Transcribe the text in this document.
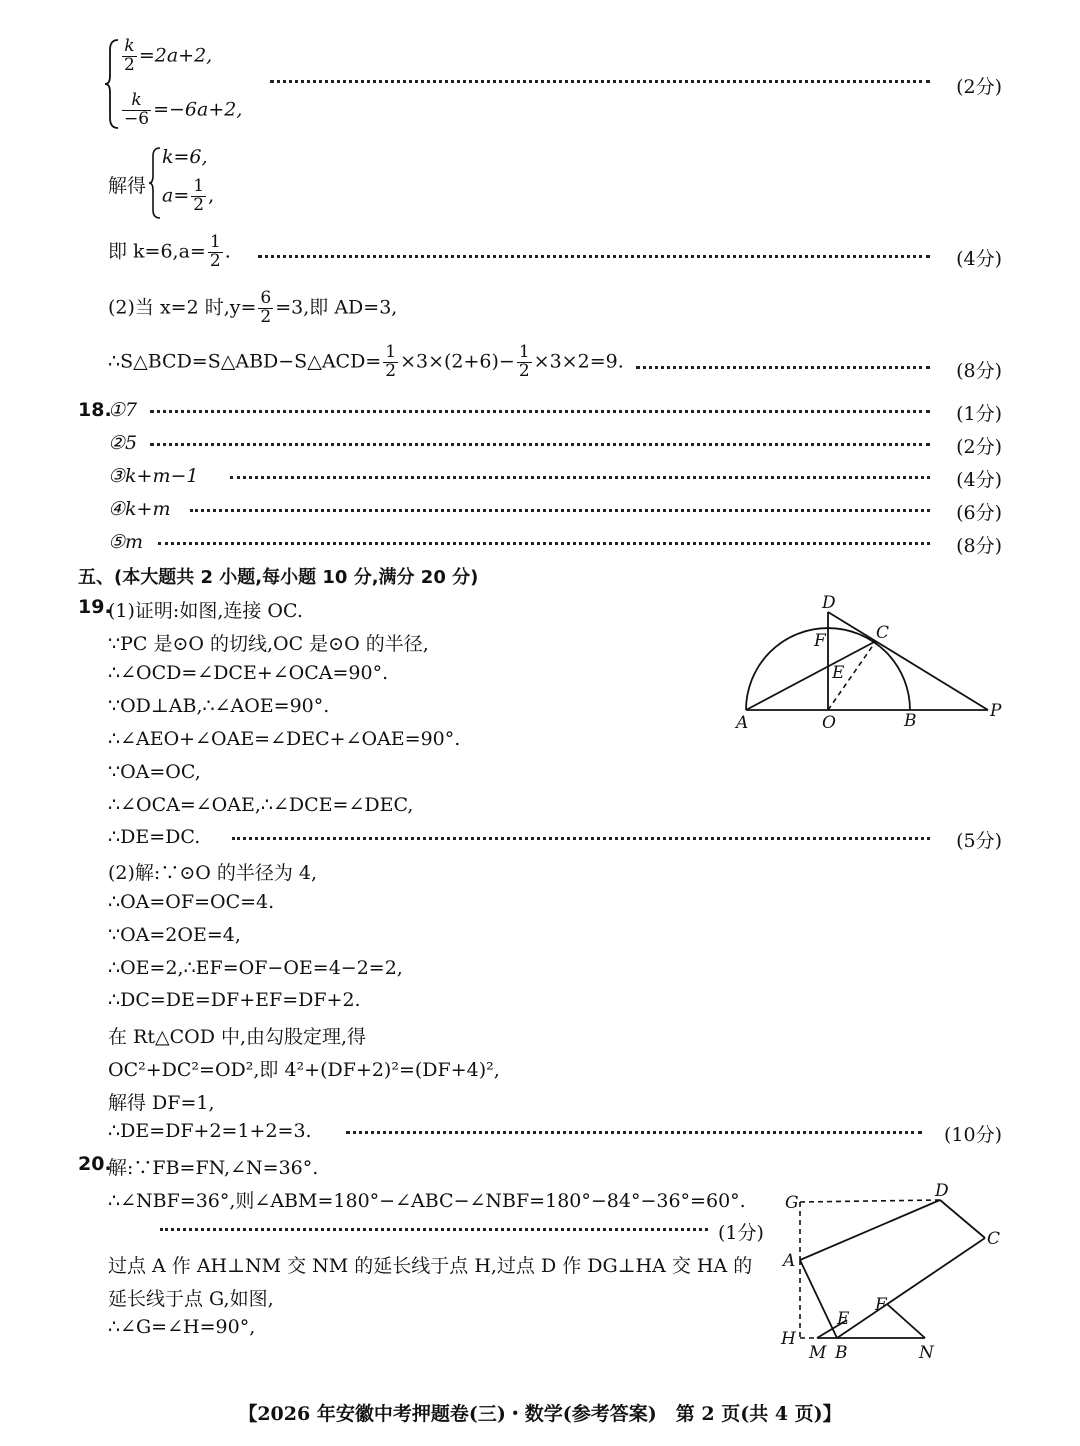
$\frac{k}{2} =2a+2$,
(2分)
$\frac{k}{-6} =-6a+2$,
解得
k=6,
$a= \frac{1}{2}$ ,
即 $k=6,a= \frac{1}{2}$ .	(4分)
(2)当 x=2 时$,y= \frac{6}{2} =3$,即 AD=3,
∴S△BCD=S△ABD−S△ACD= $\frac{1}{2} \times 3\times(2+6)- \frac{1}{2} \times 3\times 2=9$.	(8分)
18.
①7	(1分)
②5	(2分)
③k+m−1	(4分)
④k+m	(6分)
⑤m	(8分)
五、(本大题共 2 小题,每小题 10 分,满分 20 分)
19.
(1)证明:如图,连接 OC.
∵PC 是⊙O 的切线,OC 是⊙O 的半径,
∴∠OCD=∠DCE+∠OCA=90°.
∵OD⊥AB,∴∠AOE=90°.
∴∠AEO+∠OAE=∠DEC+∠OAE=90°.
∵OA=OC,
∴∠OCA=∠OAE,∴∠DCE=∠DEC,
∴DE=DC.	(5分)
(2)解:∵⊙O 的半径为 4,
∴OA=OF=OC=4.
∵OA=2OE=4,
∴OE=2,∴EF=OF−OE=4−2=2,
∴DC=DE=DF+EF=DF+2.
在 Rt△COD 中,由勾股定理,得
OC²+DC²=OD²,即 4²+(DF+2)²=(DF+4)²,
解得 DF=1,
∴DE=DF+2=1+2=3.	(10分)
D
F	C
E
A	O	B	P
20.
解:∵FB=FN,∠N=36°.
∴∠NBF=36°,则∠ABM=180°−∠ABC−∠NBF=180°−84°−36°=60°.
(1分)
过点 A 作 AH⊥NM 交 NM 的延长线于点 H,过点 D 作 DG⊥HA 交 HA 的
延长线于点 G,如图,
∴∠G=∠H=90°,
G
D
C
A
F
E
H
M B	N
【2026 年安徽中考押题卷(三)・数学(参考答案)　第 2 页(共 4 页)】
